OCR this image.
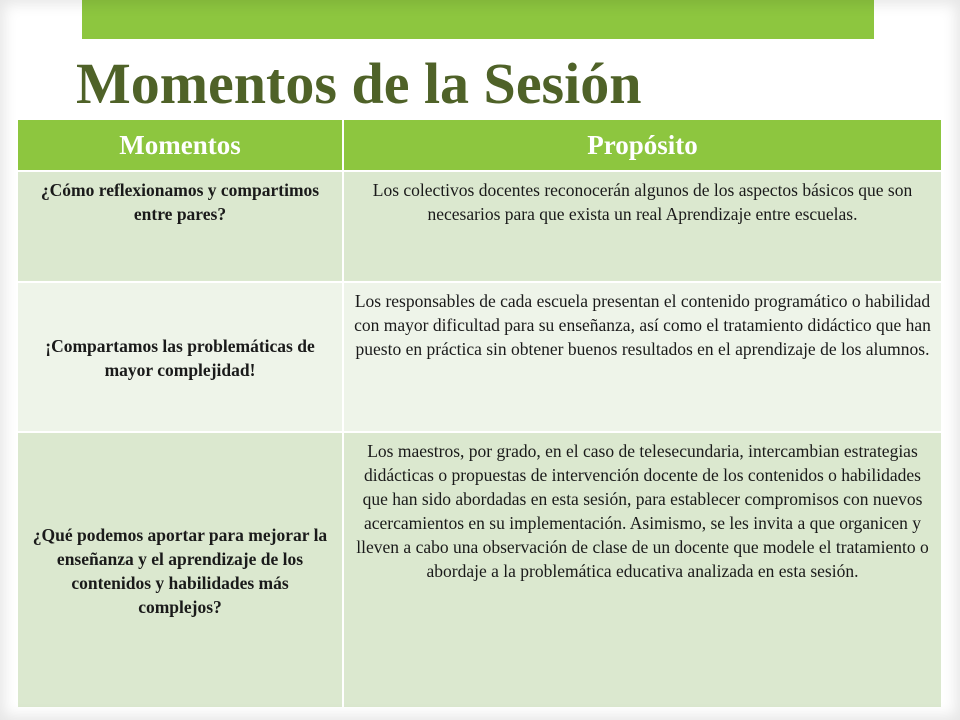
Momentos de la Sesión
Momentos	Propósito
¿Cómo reflexionamos y compartimos entre pares?	Los colectivos docentes reconocerán algunos de los aspectos básicos que son necesarios para que exista un real Aprendizaje entre escuelas.
¡Compartamos las problemáticas de mayor complejidad!	Los responsables de cada escuela presentan el contenido programático o habilidad con mayor dificultad para su enseñanza, así como el tratamiento didáctico que han puesto en práctica sin obtener buenos resultados en el aprendizaje de los alumnos.
¿Qué podemos aportar para mejorar la enseñanza y el aprendizaje de los contenidos y habilidades más complejos?	Los maestros, por grado, en el caso de telesecundaria, intercambian estrategias didácticas o propuestas de intervención docente de los contenidos o habilidades que han sido abordadas en esta sesión, para establecer compromisos con nuevos acercamientos en su implementación. Asimismo, se les invita a que organicen y lleven a cabo una observación de clase de un docente que modele el tratamiento o abordaje a la problemática educativa analizada en esta sesión.
